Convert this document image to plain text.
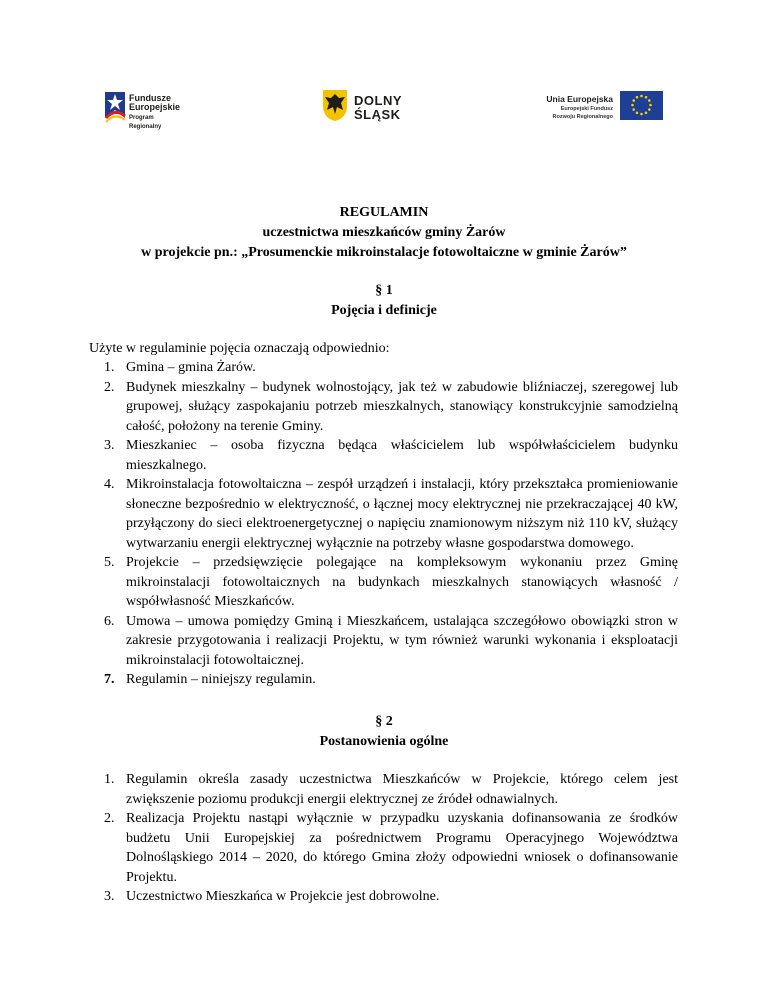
Fundusze
Europejskie
Program Regionalny
DOLNY
ŚLĄSK
Unia Europejska
Europejski Fundusz
Rozwoju Regionalnego
REGULAMIN
uczestnictwa mieszkańców gminy Żarów
w projekcie pn.: „Prosumenckie mikroinstalacje fotowoltaiczne w gminie Żarów”
§ 1
Pojęcia i definicje
Użyte w regulaminie pojęcia oznaczają odpowiednio:
1. Gmina – gmina Żarów.
2. Budynek mieszkalny – budynek wolnostojący, jak też w zabudowie bliźniaczej, szeregowej lub grupowej, służący zaspokajaniu potrzeb mieszkalnych, stanowiący konstrukcyjnie samodzielną całość, położony na terenie Gminy.
3. Mieszkaniec – osoba fizyczna będąca właścicielem lub współwłaścicielem budynku mieszkalnego.
4. Mikroinstalacja fotowoltaiczna – zespół urządzeń i instalacji, który przekształca promieniowanie słoneczne bezpośrednio w elektryczność, o łącznej mocy elektrycznej nie przekraczającej 40 kW, przyłączony do sieci elektroenergetycznej o napięciu znamionowym niższym niż 110 kV, służący wytwarzaniu energii elektrycznej wyłącznie na potrzeby własne gospodarstwa domowego.
5. Projekcie – przedsięwzięcie polegające na kompleksowym wykonaniu przez Gminę mikroinstalacji fotowoltaicznych na budynkach mieszkalnych stanowiących własność / współwłasność Mieszkańców.
6. Umowa – umowa pomiędzy Gminą i Mieszkańcem, ustalająca szczegółowo obowiązki stron w zakresie przygotowania i realizacji Projektu, w tym również warunki wykonania i eksploatacji mikroinstalacji fotowoltaicznej.
7. Regulamin – niniejszy regulamin.
§ 2
Postanowienia ogólne
1. Regulamin określa zasady uczestnictwa Mieszkańców w Projekcie, którego celem jest zwiększenie poziomu produkcji energii elektrycznej ze źródeł odnawialnych.
2. Realizacja Projektu nastąpi wyłącznie w przypadku uzyskania dofinansowania ze środków budżetu Unii Europejskiej za pośrednictwem Programu Operacyjnego Województwa Dolnośląskiego 2014 – 2020, do którego Gmina złoży odpowiedni wniosek o dofinansowanie Projektu.
3. Uczestnictwo Mieszkańca w Projekcie jest dobrowolne.
